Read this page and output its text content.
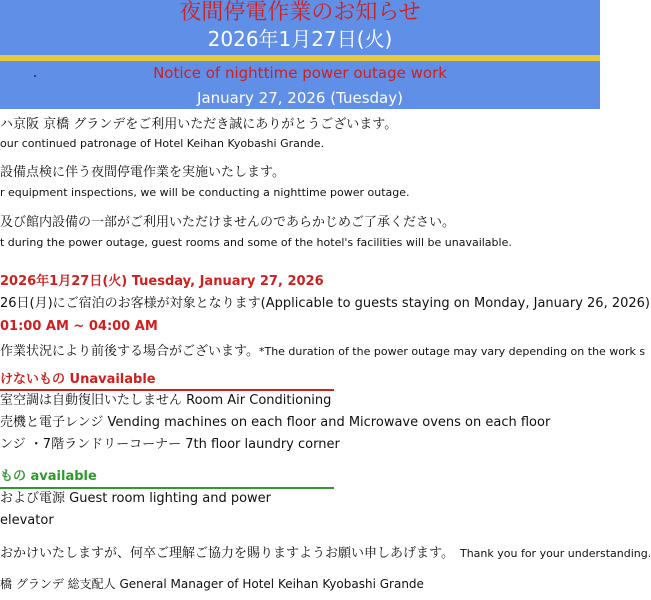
夜間停電作業のお知らせ
2026年1月27日(火)
Notice of nighttime power outage work
January 27, 2026 (Tuesday)
ハ京阪 京橋 グランデをご利用いただき誠にありがとうございます。
our continued patronage of Hotel Keihan Kyobashi Grande.
設備点検に伴う夜間停電作業を実施いたします。
r equipment inspections, we will be conducting a nighttime power outage.
及び館内設備の一部がご利用いただけませんのであらかじめご了承ください。
t during the power outage, guest rooms and some of the hotel's facilities will be unavailable.
2026年1月27日(火) Tuesday, January 27, 2026
26日(月)にご宿泊のお客様が対象となります(Applicable to guests staying on Monday, January 26, 2026)
01:00 AM ~ 04:00 AM
作業状況により前後する場合がございます。*The duration of the power outage may vary depending on the work s
けないもの Unavailable
室空調は自動復旧いたしません Room Air Conditioning
売機と電子レンジ Vending machines on each floor and Microwave ovens on each floor
ンジ ・7階ランドリーコーナー 7th floor laundry corner
もの available
および電源 Guest room lighting and power
elevator
おかけいたしますが、何卒ご理解ご協力を賜りますようお願い申しあげます。 Thank you for your understanding.
橋 グランデ 総支配人 General Manager of Hotel Keihan Kyobashi Grande
